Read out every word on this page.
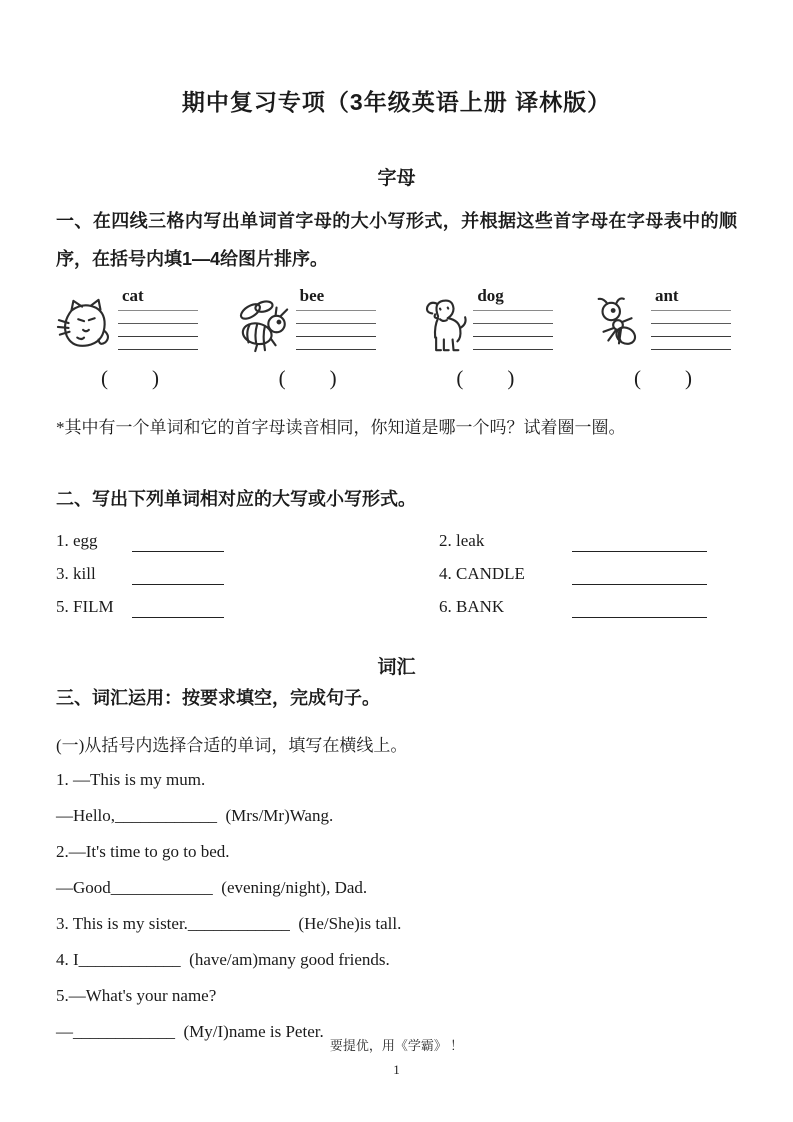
期中复习专项（3年级英语上册 译林版）
字母
一、在四线三格内写出单词首字母的大小写形式，并根据这些首字母在字母表中的顺序，在括号内填1—4给图片排序。
cat
( )
bee
( )
dog
( )
ant
( )
*其中有一个单词和它的首字母读音相同，你知道是哪一个吗？试着圈一圈。
二、写出下列单词相对应的大写或小写形式。
1. egg	2. leak
3. kill	4. CANDLE
5. FILM	6. BANK
词汇
三、词汇运用：按要求填空，完成句子。
(一)从括号内选择合适的单词，填写在横线上。
1. —This is my mum.
—Hello,____________  (Mrs/Mr)Wang.
2.—It's time to go to bed.
—Good____________  (evening/night), Dad.
3. This is my sister.____________  (He/She)is tall.
4. I____________  (have/am)many good friends.
5.—What's your name?
—____________  (My/I)name is Peter.
要提优，用《学霸》 ！
1
